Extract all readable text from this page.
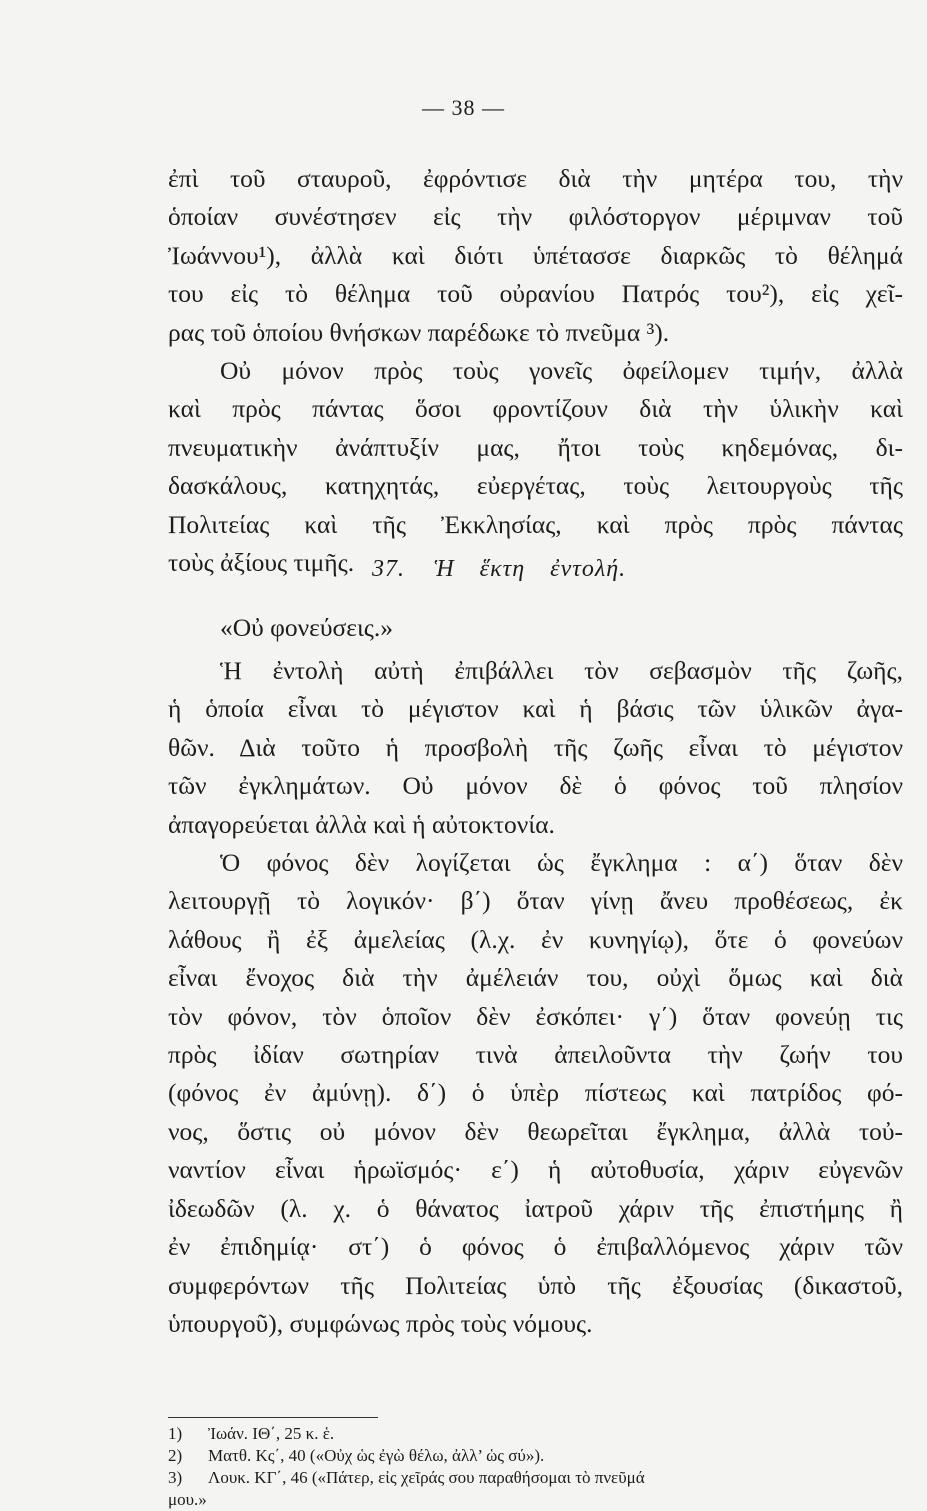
— 38 —
ἐπὶ τοῦ σταυροῦ, ἐφρόντισε διὰ τὴν μητέρα του, τὴν
ὁποίαν συνέστησεν εἰς τὴν φιλόστοργον μέριμναν τοῦ
Ἰωάννου¹), ἀλλὰ καὶ διότι ὑπέτασσε διαρκῶς τὸ θέλημά
του εἰς τὸ θέλημα τοῦ οὐρανίου Πατρός του²), εἰς χεῖ-
ρας τοῦ ὁποίου θνήσκων παρέδωκε τὸ πνεῦμα ³).
Οὐ μόνον πρὸς τοὺς γονεῖς ὀφείλομεν τιμήν, ἀλλὰ
καὶ πρὸς πάντας ὅσοι φροντίζουν διὰ τὴν ὑλικὴν καὶ
πνευματικὴν ἀνάπτυξίν μας, ἤτοι τοὺς κηδεμόνας, δι-
δασκάλους, κατηχητάς, εὐεργέτας, τοὺς λειτουργοὺς τῆς
Πολιτείας καὶ τῆς Ἐκκλησίας, καὶ πρὸς πρὸς πάντας
τοὺς ἀξίους τιμῆς. 37. Ἡ ἕκτη ἐντολή.
«Οὐ φονεύσεις.»
Ἡ ἐντολὴ αὐτὴ ἐπιβάλλει τὸν σεβασμὸν τῆς ζωῆς,
ἡ ὁποία εἶναι τὸ μέγιστον καὶ ἡ βάσις τῶν ὑλικῶν ἀγα-
θῶν. Διὰ τοῦτο ἡ προσβολὴ τῆς ζωῆς εἶναι τὸ μέγιστον
τῶν ἐγκλημάτων. Οὐ μόνον δὲ ὁ φόνος τοῦ πλησίον
ἀπαγορεύεται ἀλλὰ καὶ ἡ αὐτοκτονία.
Ὁ φόνος δὲν λογίζεται ὡς ἔγκλημα : α΄) ὅταν δὲν
λειτουργῇ τὸ λογικόν· β΄) ὅταν γίνῃ ἄνευ προθέσεως, ἐκ
λάθους ἢ ἐξ ἀμελείας (λ.χ. ἐν κυνηγίῳ), ὅτε ὁ φονεύων
εἶναι ἔνοχος διὰ τὴν ἀμέλειάν του, οὐχὶ ὅμως καὶ διὰ
τὸν φόνον, τὸν ὁποῖον δὲν ἐσκόπει· γ΄) ὅταν φονεύῃ τις
πρὸς ἰδίαν σωτηρίαν τινὰ ἀπειλοῦντα τὴν ζωήν του
(φόνος ἐν ἀμύνῃ). δ΄) ὁ ὑπὲρ πίστεως καὶ πατρίδος φό-
νος, ὅστις οὐ μόνον δὲν θεωρεῖται ἔγκλημα, ἀλλὰ τοὐ-
ναντίον εἶναι ἡρωϊσμός· ε΄) ἡ αὐτοθυσία, χάριν εὐγενῶν
ἰδεωδῶν (λ. χ. ὁ θάνατος ἰατροῦ χάριν τῆς ἐπιστήμης ἢ
ἐν ἐπιδημίᾳ· στ΄) ὁ φόνος ὁ ἐπιβαλλόμενος χάριν τῶν
συμφερόντων τῆς Πολιτείας ὑπὸ τῆς ἐξουσίας (δικαστοῦ,
ὑπουργοῦ), συμφώνως πρὸς τοὺς νόμους.
1) Ἰωάν. ΙΘ΄, 25 κ. ἑ.
2) Ματθ. Κς΄, 40 («Οὐχ ὡς ἐγὼ θέλω, ἀλλ’ ὡς σύ»).
3) Λουκ. ΚΓ΄, 46 («Πάτερ, εἰς χεῖράς σου παραθήσομαι τὸ πνεῦμά
μου.»
